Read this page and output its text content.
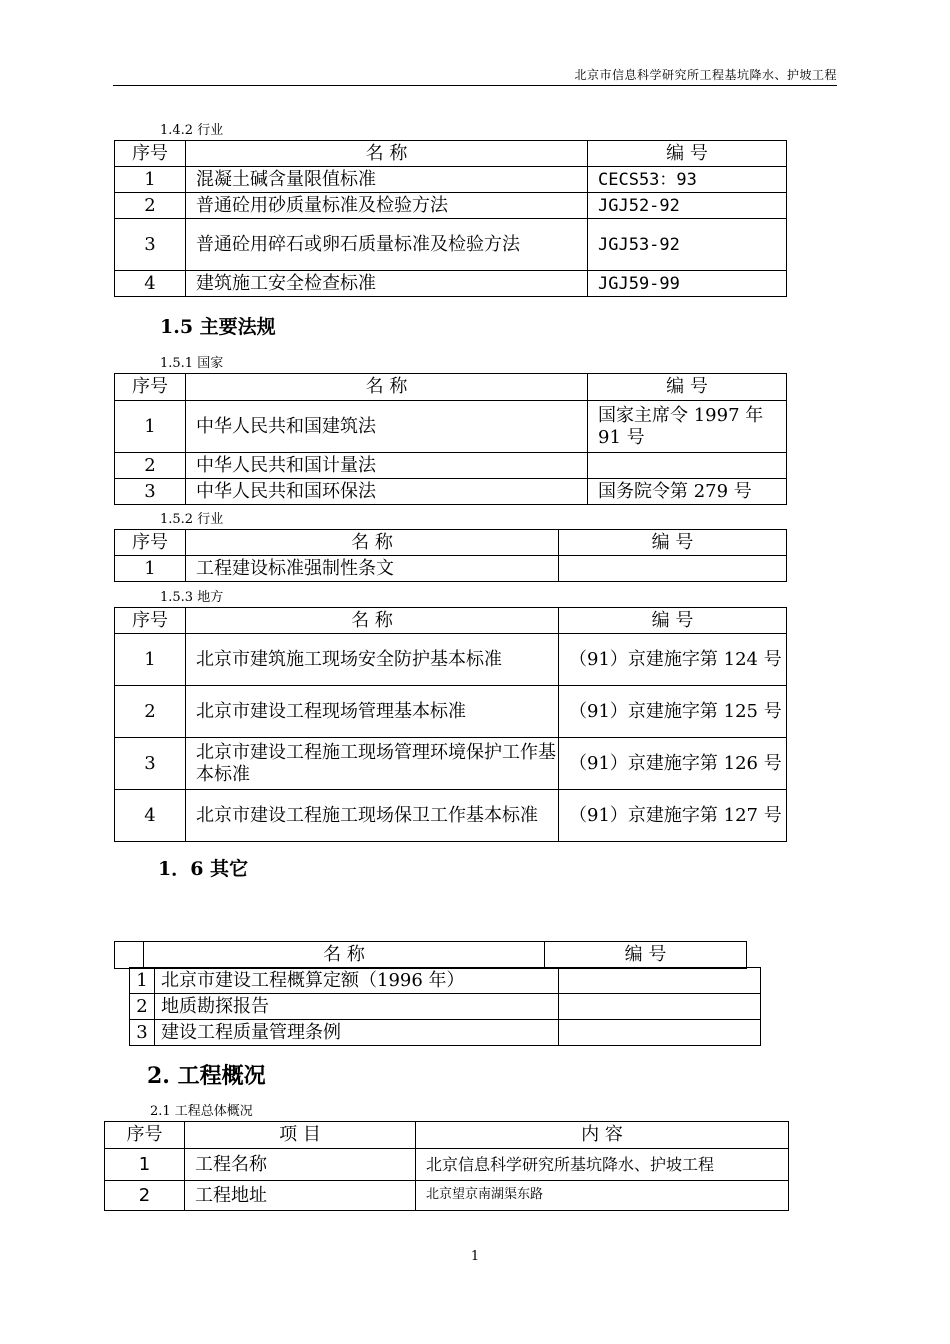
北京市信息科学研究所工程基坑降水、护坡工程
1.4.2 行业
序号	名 称	编 号
1	混凝土碱含量限值标准	CECS53：93
2	普通砼用砂质量标准及检验方法	JGJ52-92
3	普通砼用碎石或卵石质量标准及检验方法	JGJ53-92
4	建筑施工安全检查标准	JGJ59-99
1.5 主要法规
1.5.1 国家
序号	名 称	编 号
1	中华人民共和国建筑法	国家主席令 1997 年 91 号
2	中华人民共和国计量法	
3	中华人民共和国环保法	国务院令第 279 号
1.5.2 行业
序号	名 称	编 号
1	工程建设标准强制性条文	
1.5.3 地方
序号	名 称	编 号
1	北京市建筑施工现场安全防护基本标准	（91）京建施字第 124 号
2	北京市建设工程现场管理基本标准	（91）京建施字第 125 号
3	北京市建设工程施工现场管理环境保护工作基本标准	（91）京建施字第 126 号
4	北京市建设工程施工现场保卫工作基本标准	（91）京建施字第 127 号
1．6 其它
	名 称	编 号
1	北京市建设工程概算定额（1996 年）	
2	地质勘探报告	
3	建设工程质量管理条例	
2. 工程概况
2.1 工程总体概况
序号	项 目	内 容
1	工程名称	北京信息科学研究所基坑降水、护坡工程
2	工程地址	北京望京南湖渠东路
1
